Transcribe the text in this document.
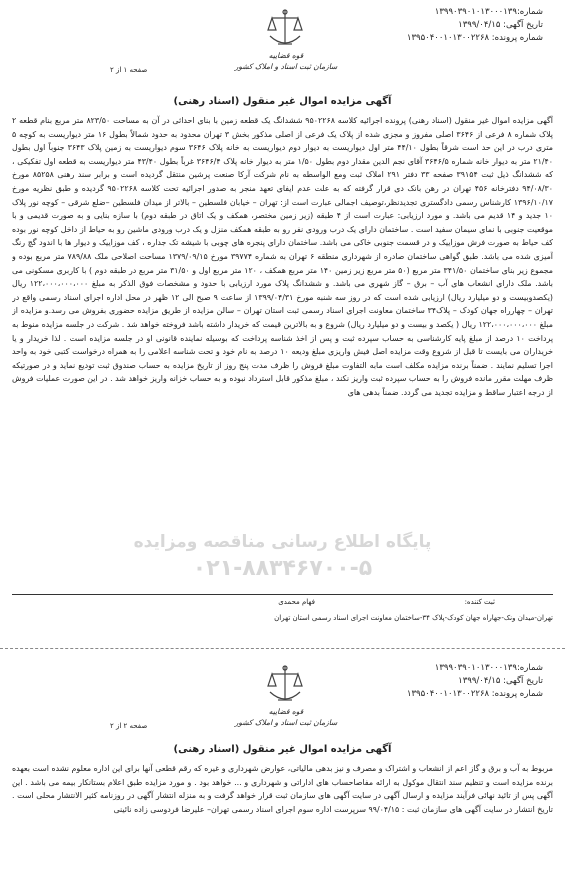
شماره:۱۳۹۹۰۳۹۰۱۰۱۳۰۰۰۱۳۹
تاریخ آگهی: ۱۳۹۹/۰۴/۱۵
شماره پرونده: ۱۳۹۵۰۴۰۰۱۰۱۳۰۰۲۲۶۸
قوه قضاییه
سازمان ثبت اسناد و املاک کشور
صفحه ۱ از ۲
آگهی مزایده اموال غیر منقول (اسناد رهنی)
آگهی مزایده اموال غیر منقول (اسناد رهنی) پرونده اجرائیه کلاسه ۹۵۰۲۲۶۸ ششدانگ یک قطعه زمین با بنای احداثی در آن به مساحت ۸۲۳/۵۰ متر مربع بنام قطعه ۲ پلاک شماره ۸ فرعی از ۳۶۴۶ اصلی مفروز و مجزی شده از پلاک یک فرعی از اصلی مذکور بخش ۳ تهران محدود به حدود شمالاً بطول ۱۶ متر دیواریست به کوچه ۵ متری درب در این حد است شرقاً بطول ۴۴/۱۰ متر اول دیواریست به دیوار دوم دیواریست به خانه پلاک ۳۶۴۶ سوم دیواریست به زمین پلاک ۳۶۴۳ جنوباً اول بطول ۲۱/۴۰ متر به دیوار خانه شماره ۳۶۴۶/۵ آقای نجم الدین مقدار دوم بطول ۱/۵۰ متر به دیوار خانه پلاک ۳۶۴۶/۴ غرباً بطول ۴۳/۴۰ متر دیواریست به قطعه اول تفکیکی ، که ششدانگ ذیل ثبت ۳۹۱۵۴ صفحه ۳۳ دفتر ۲۹۱ املاک ثبت ومع الواسطه به نام شرکت آرکا صنعت پرشین منتقل گردیده است و برابر سند رهنی ۸۵۲۵۸ مورخ ۹۴/۰۸/۳۰ دفترخانه ۴۵۶ تهران در رهن بانک دی قرار گرفته که به علت عدم ایفای تعهد منجر به صدور اجرائیه تحت کلاسه ۹۵۰۲۲۶۸ گردیده و طبق نظریه مورخ ۱۳۹۶/۱۰/۱۷ کارشناس رسمی دادگستری تجدیدنظر،توصیف اجمالی عبارت است از: تهران – خیابان فلسطین – بالاتر از میدان فلسطین –ضلع شرقی – کوچه نور پلاک ۱۰ جدید و ۱۴ قدیم می باشد. و مورد ارزیابی: عبارت است از ۴ طبقه (زیر زمین مختصر، همکف و یک اتاق در طبقه دوم) با سازه بنایی و به صورت قدیمی و با موقعیت جنوبی با نمای سیمان سفید است . ساختمان دارای یک درب ورودی نفر رو به طبقه همکف منزل و یک درب ورودی ماشین رو به حیاط از داخل کوچه نور بوده کف حیاط به صورت فرش موزاییک و در قسمت جنوبی خاکی می باشد. ساختمان دارای پنجره های چوبی با شیشه تک جداره ، کف موزاییک و دیوار ها با اندود گچ رنگ آمیزی شده می باشد. طبق گواهی ساختمان صادره از شهرداری منطقه ۶ تهران به شماره ۳۹۷۷۴ مورخ ۱۳۷۹/۰۹/۱۵ مساحت اصلاحی ملک ۷۸۹/۸۸ متر مربع بوده و مجموع زیر بنای ساختمان ۳۴۱/۵۰ متر مربع (۵۰ متر مربع زیر زمین ۱۴۰ متر مربع همکف ، ۱۲۰ متر مربع اول و ۳۱/۵۰ متر مربع در طبقه دوم ) با کاربری مسکونی می باشد. ملک دارای انشعاب های آب – برق – گاز شهری می باشد. و ششدانگ پلاک مورد ارزیابی با حدود و مشخصات فوق الذکر به مبلغ ۱۲۲،۰۰۰،۰۰۰،۰۰۰ ریال (یکصدوبیست و دو میلیارد ریال) ارزیابی شده است که در روز سه شنبه مورخ ۱۳۹۹/۰۴/۳۱ از ساعت ۹ صبح الی ۱۲ ظهر در محل اداره اجرای اسناد رسمی واقع در تهران – چهارراه جهان کودک – پلاک۳۴ ساختمان معاونت اجرای اسناد رسمی ثبت استان تهران – سالن مزایده از طریق مزایده حضوری بفروش می رسد.و مزایده از مبلغ ۱۲۲،۰۰۰،۰۰۰،۰۰۰ ریال ( یکصد و بیست و دو میلیارد ریال) شروع و به بالاترین قیمت که خریدار داشته باشد فروخته خواهد شد . شرکت در جلسه مزایده منوط به پرداخت ۱۰ درصد از مبلغ پایه کارشناسی به حساب سپرده ثبت و پس از اخذ شناسه پرداخت که بوسیله نماینده قانونی او در جلسه مزایده است . لذا خریدار و یا خریداران می بایست تا قبل از شروع وقت مزایده اصل فیش واریزی مبلغ ودیعه ۱۰ درصد به نام خود و تحت شناسه اعلامی را به همراه درخواست کتبی خود به واحد اجرا تسلیم نمایند . ضمناً برنده مزایده مکلف است مابه التفاوت مبلغ فروش را ظرف مدت پنج روز از تاریخ مزایده به حساب صندوق ثبت تودیع نماید و در صورتیکه ظرف مهلت مقرر مانده فروش را به حساب سپرده ثبت واریز نکند ، مبلغ مذکور قابل استرداد نبوده و به حساب خزانه واریز خواهد شد . در این صورت عملیات فروش از درجه اعتبار ساقط و مزایده تجدید می گردد. ضمناً بدهی های
پایگاه اطلاع رسانی مناقصه ومزایده
۰۲۱-۸۸۳۴۶۷۰۰-۵
ثبت کننده:
فهام محمدی
تهران-میدان ونک-جهاراه جهان کودک-پلاک ۳۴-ساختمان معاونت اجرای اسناد رسمی استان تهران
شماره:۱۳۹۹۰۳۹۰۱۰۱۳۰۰۰۱۳۹
تاریخ آگهی: ۱۳۹۹/۰۴/۱۵
شماره پرونده: ۱۳۹۵۰۴۰۰۱۰۱۳۰۰۲۲۶۸
قوه قضاییه
سازمان ثبت اسناد و املاک کشور
صفحه ۲ از ۲
آگهی مزایده اموال غیر منقول (اسناد رهنی)
مربوط به آب و برق و گاز اعم از انشعاب و اشتراک و مصرف و نیز بدهی مالیاتی، عوارض شهرداری و غیره که رقم قطعی آنها برای این اداره معلوم نشده است بعهده برنده مزایده است و تنظیم سند انتقال موکول به ارائه مفاصاحساب های اداراتی و شهرداری و ... خواهد بود . و مورد مزایده طبق اعلام بستانکار بیمه می باشد . این آگهی پس از تائید نهائی فرآیند مزایده و ارسال آگهی در سایت آگهی های سازمان ثبت قرار خواهد گرفت و به منزله انتشار آگهی در روزنامه کثیر الانتشار محلی است . تاریخ انتشار در سایت آگهی های سازمان ثبت : ۹۹/۰۴/۱۵ سرپرست اداره سوم اجرای اسناد رسمی تهران– علیرضا فردوسی زاده نائینی
